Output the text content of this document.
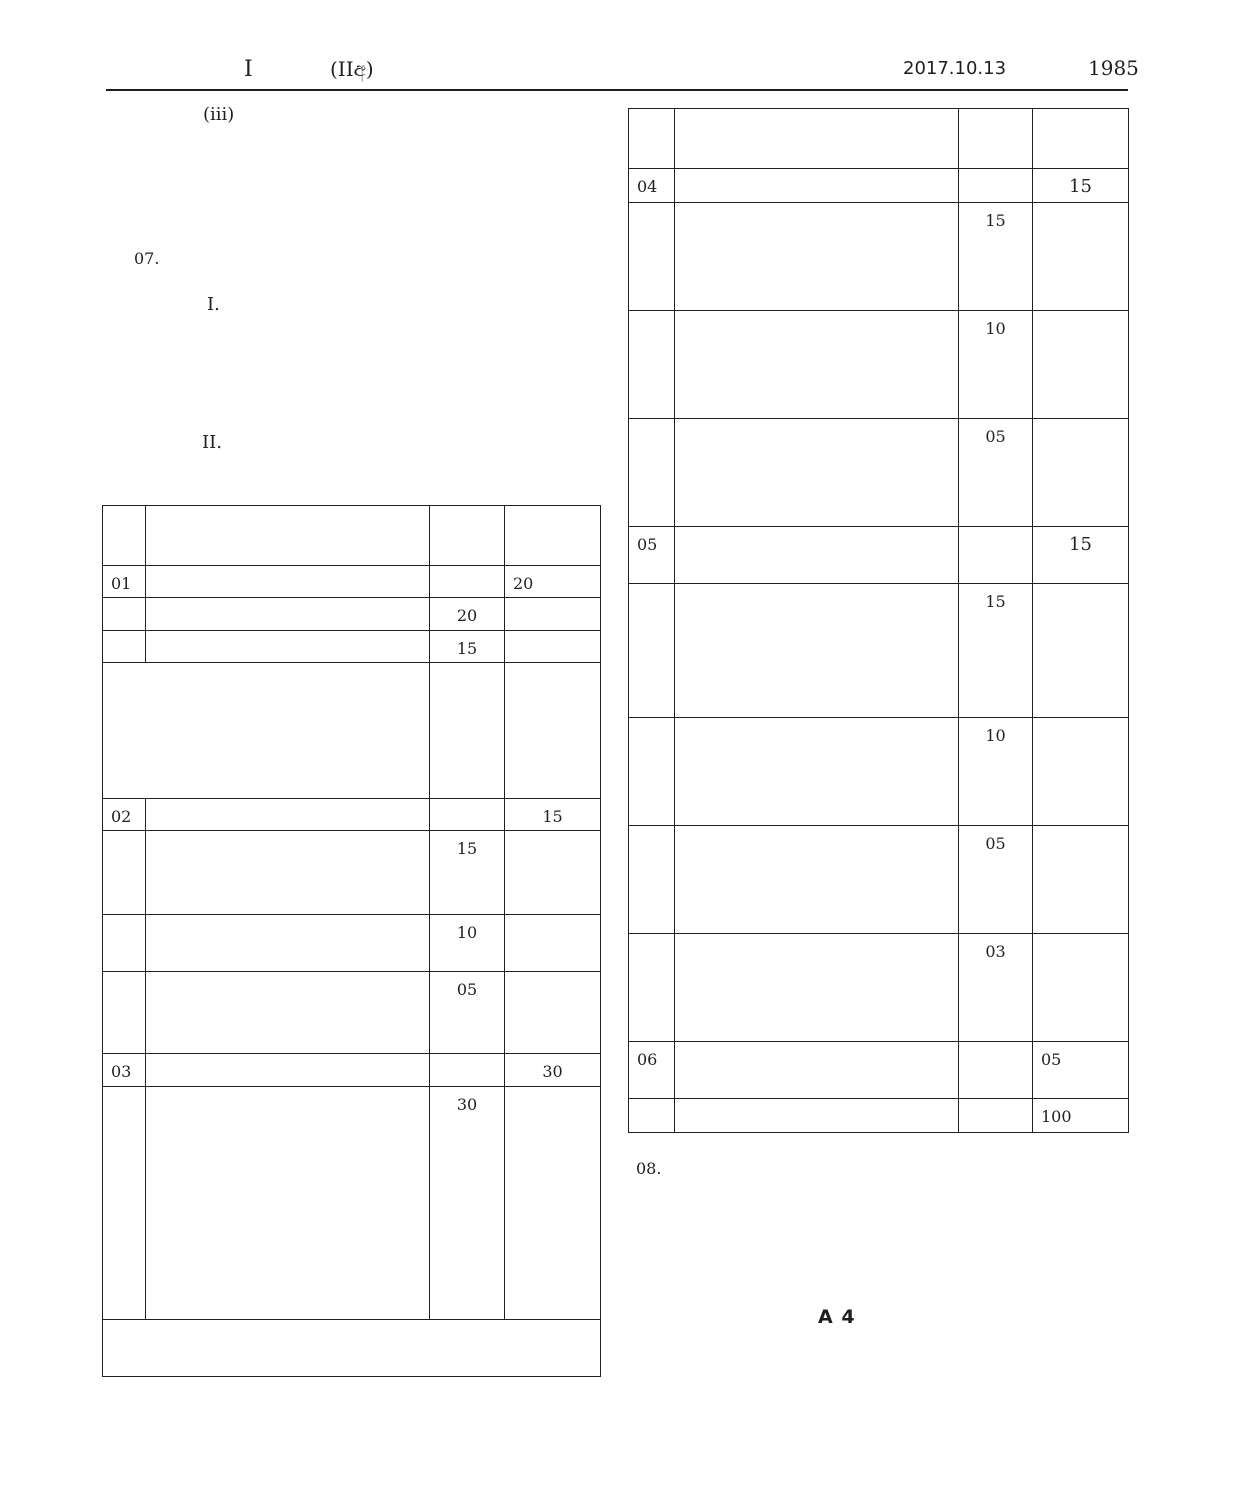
I	(IIඅ)	2017.10.13	1985
(iii)
07.
I.
II.

01			20
		20	
		15	

02			15
		15	
		10	
		05	
03			30
		30	

04			15
		15	
		10	
		05	
05			15
		15	
		10	
		05	
		03	
06			05
			100
08.
A 4
